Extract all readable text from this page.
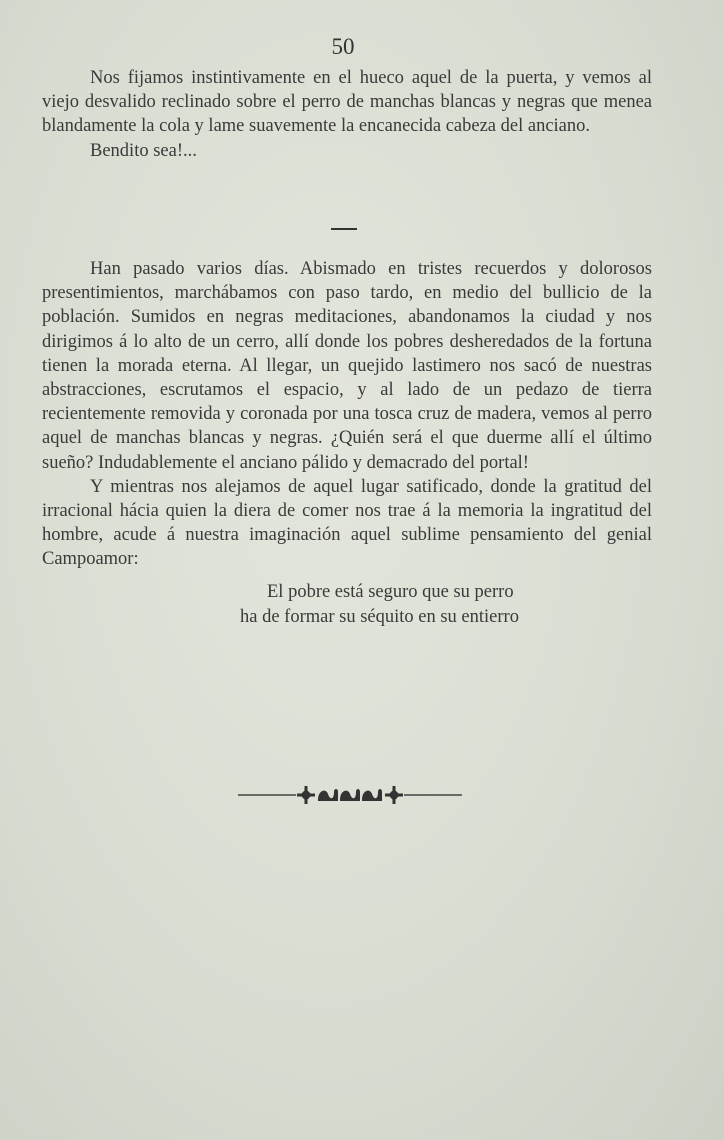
50

Nos fijamos instintivamente en el hueco aquel de la puerta, y vemos al viejo desvalido reclinado sobre el perro de manchas blancas y negras que menea blandamente la cola y lame suavemente la encanecida cabeza del anciano.

Bendito sea!...

Han pasado varios días. Abismado en tristes recuerdos y dolorosos presentimientos, marchábamos con paso tardo, en medio del bullicio de la población. Sumidos en negras meditaciones, abandonamos la ciudad y nos dirigimos á lo alto de un cerro, allí donde los pobres desheredados de la fortuna tienen la morada eterna. Al llegar, un quejido lastimero nos sacó de nuestras abstracciones, escrutamos el espacio, y al lado de un pedazo de tierra recientemente removida y coronada por una tosca cruz de madera, vemos al perro aquel de manchas blancas y negras. ¿Quién será el que duerme allí el último sueño? Indudablemente el anciano pálido y demacrado del portal!

Y mientras nos alejamos de aquel lugar satificado, donde la gratitud del irracional hácia quien la diera de comer nos trae á la memoria la ingratitud del hombre, acude á nuestra imaginación aquel sublime pensamiento del genial Campoamor:

El pobre está seguro que su perro
ha de formar su séquito en su entierro
